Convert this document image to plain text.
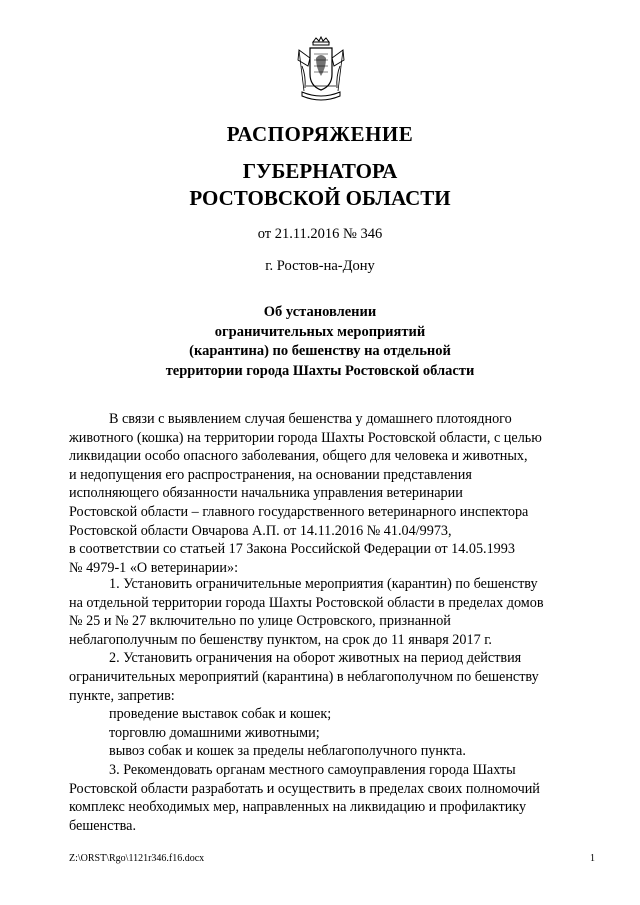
РАСПОРЯЖЕНИЕ
ГУБЕРНАТОРА
РОСТОВСКОЙ ОБЛАСТИ
от 21.11.2016 № 346
г. Ростов-на-Дону
Об установлении
ограничительных мероприятий
(карантина) по бешенству на отдельной
территории города Шахты Ростовской области

В связи с выявлением случая бешенства у домашнего плотоядного

животного (кошка) на территории города Шахты Ростовской области, с целью

ликвидации особо опасного заболевания, общего для человека и животных,

и недопущения его распространения, на основании представления

исполняющего обязанности начальника управления ветеринарии

Ростовской области – главного государственного ветеринарного инспектора

Ростовской области Овчарова А.П. от 14.11.2016 № 41.04/9973,

в соответствии со статьей 17 Закона Российской Федерации от 14.05.1993

№ 4979-1 «О ветеринарии»:

1. Установить ограничительные мероприятия (карантин) по бешенству

на отдельной территории города Шахты Ростовской области в пределах домов

№ 25 и № 27 включительно по улице Островского, признанной

неблагополучным по бешенству пунктом, на срок до 11 января 2017 г.

2. Установить ограничения на оборот животных на период действия

ограничительных мероприятий (карантина) в неблагополучном по бешенству

пункте, запретив:

проведение выставок собак и кошек;

торговлю домашними животными;

вывоз собак и кошек за пределы неблагополучного пункта.

3. Рекомендовать органам местного самоуправления города Шахты

Ростовской области разработать и осуществить в пределах своих полномочий

комплекс необходимых мер, направленных на ликвидацию и профилактику

бешенства.

Z:\ORST\Rgo\1121r346.f16.docx	1
